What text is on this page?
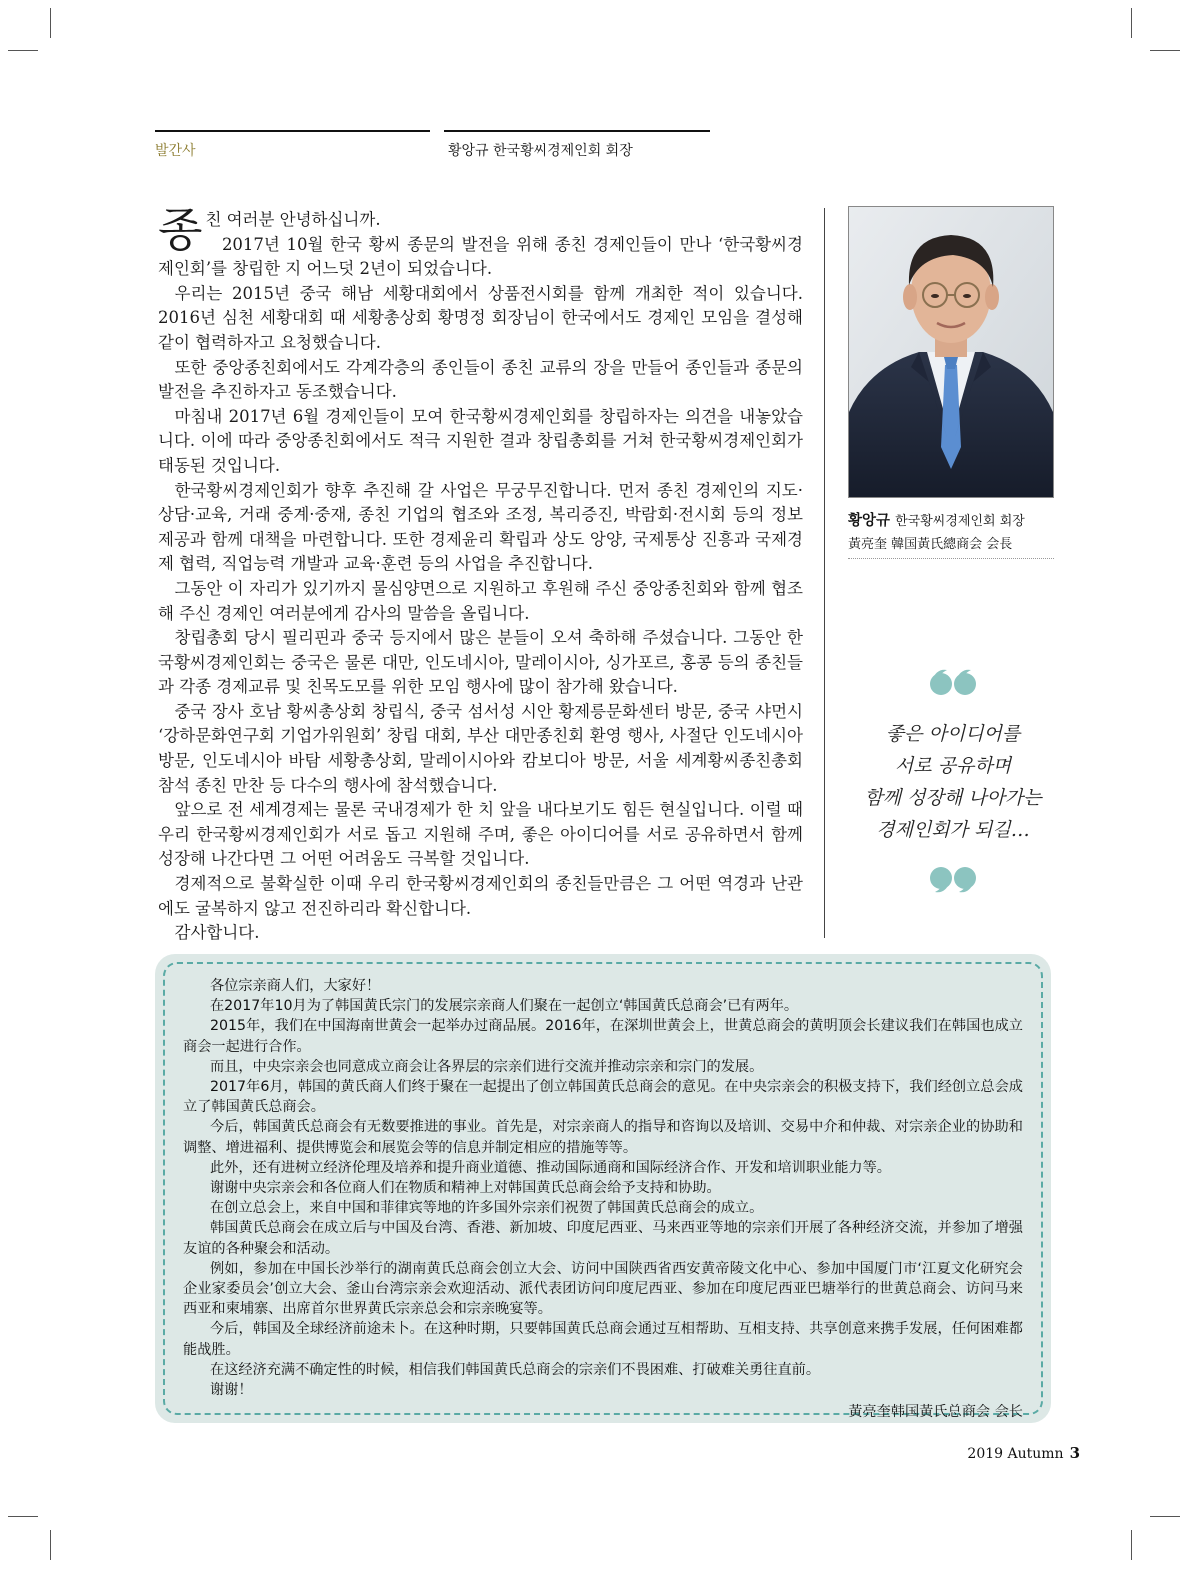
발간사	황앙규 한국황씨경제인회 회장

종친 여러분 안녕하십니까.

2017년 10월 한국 황씨 종문의 발전을 위해 종친 경제인들이 만나 ‘한국황씨경제인회’를 창립한 지 어느덧 2년이 되었습니다.

우리는 2015년 중국 해남 세황대회에서 상품전시회를 함께 개최한 적이 있습니다. 2016년 심천 세황대회 때 세황총상회 황명정 회장님이 한국에서도 경제인 모임을 결성해 같이 협력하자고 요청했습니다.

또한 중앙종친회에서도 각계각층의 종인들이 종친 교류의 장을 만들어 종인들과 종문의 발전을 추진하자고 동조했습니다.

마침내 2017년 6월 경제인들이 모여 한국황씨경제인회를 창립하자는 의견을 내놓았습니다. 이에 따라 중앙종친회에서도 적극 지원한 결과 창립총회를 거쳐 한국황씨경제인회가 태동된 것입니다.

한국황씨경제인회가 향후 추진해 갈 사업은 무궁무진합니다. 먼저 종친 경제인의 지도·상담·교육, 거래 중계·중재, 종친 기업의 협조와 조정, 복리증진, 박람회·전시회 등의 정보 제공과 함께 대책을 마련합니다. 또한 경제윤리 확립과 상도 앙양, 국제통상 진흥과 국제경제 협력, 직업능력 개발과 교육·훈련 등의 사업을 추진합니다.

그동안 이 자리가 있기까지 물심양면으로 지원하고 후원해 주신 중앙종친회와 함께 협조해 주신 경제인 여러분에게 감사의 말씀을 올립니다.

창립총회 당시 필리핀과 중국 등지에서 많은 분들이 오셔 축하해 주셨습니다. 그동안 한국황씨경제인회는 중국은 물론 대만, 인도네시아, 말레이시아, 싱가포르, 홍콩 등의 종친들과 각종 경제교류 및 친목도모를 위한 모임 행사에 많이 참가해 왔습니다.

중국 장사 호남 황씨총상회 창립식, 중국 섬서성 시안 황제릉문화센터 방문, 중국 샤먼시 ‘강하문화연구회 기업가위원회’ 창립 대회, 부산 대만종친회 환영 행사, 사절단 인도네시아 방문, 인도네시아 바탐 세황총상회, 말레이시아와 캄보디아 방문, 서울 세계황씨종친총회 참석 종친 만찬 등 다수의 행사에 참석했습니다.

앞으로 전 세계경제는 물론 국내경제가 한 치 앞을 내다보기도 힘든 현실입니다. 이럴 때 우리 한국황씨경제인회가 서로 돕고 지원해 주며, 좋은 아이디어를 서로 공유하면서 함께 성장해 나간다면 그 어떤 어려움도 극복할 것입니다.

경제적으로 불확실한 이때 우리 한국황씨경제인회의 종친들만큼은 그 어떤 역경과 난관에도 굴복하지 않고 전진하리라 확신합니다.

감사합니다.

황앙규 한국황씨경제인회 회장
黃亮奎 韓国黃氏總商会 会長
좋은 아이디어를
서로 공유하며
함께 성장해 나아가는
경제인회가 되길…

各位宗亲商人们，大家好！

在2017年10月为了韩国黄氏宗门的发展宗亲商人们聚在一起创立‘韩国黄氏总商会’已有两年。

2015年，我们在中国海南世黄会一起举办过商品展。2016年，在深圳世黄会上，世黄总商会的黄明顶会长建议我们在韩国也成立商会一起进行合作。

而且，中央宗亲会也同意成立商会让各界层的宗亲们进行交流并推动宗亲和宗门的发展。

2017年6月，韩国的黄氏商人们终于聚在一起提出了创立韩国黄氏总商会的意见。在中央宗亲会的积极支持下，我们经创立总会成立了韩国黄氏总商会。

今后，韩国黄氏总商会有无数要推进的事业。首先是，对宗亲商人的指导和咨询以及培训、交易中介和仲裁、对宗亲企业的协助和调整、增进福利、提供博览会和展览会等的信息并制定相应的措施等等。

此外，还有进树立经济伦理及培养和提升商业道德、推动国际通商和国际经济合作、开发和培训职业能力等。

谢谢中央宗亲会和各位商人们在物质和精神上对韩国黄氏总商会给予支持和协助。

在创立总会上，来自中国和菲律宾等地的许多国外宗亲们祝贺了韩国黄氏总商会的成立。

韩国黄氏总商会在成立后与中国及台湾、香港、新加坡、印度尼西亚、马来西亚等地的宗亲们开展了各种经济交流，并参加了增强友谊的各种聚会和活动。

例如，参加在中国长沙举行的湖南黄氏总商会创立大会、访问中国陕西省西安黄帝陵文化中心、参加中国厦门市‘江夏文化研究会企业家委员会’创立大会、釜山台湾宗亲会欢迎活动、派代表团访问印度尼西亚、参加在印度尼西亚巴塘举行的世黄总商会、访问马来西亚和柬埔寨、出席首尔世界黄氏宗亲总会和宗亲晚宴等。

今后，韩国及全球经济前途未卜。在这种时期，只要韩国黄氏总商会通过互相帮助、互相支持、共享创意来携手发展，任何困难都能战胜。

在这经济充满不确定性的时候，相信我们韩国黄氏总商会的宗亲们不畏困难、打破难关勇往直前。

谢谢！

黃亮奎韩国黃氏总商会 会长

2019 Autumn 3
